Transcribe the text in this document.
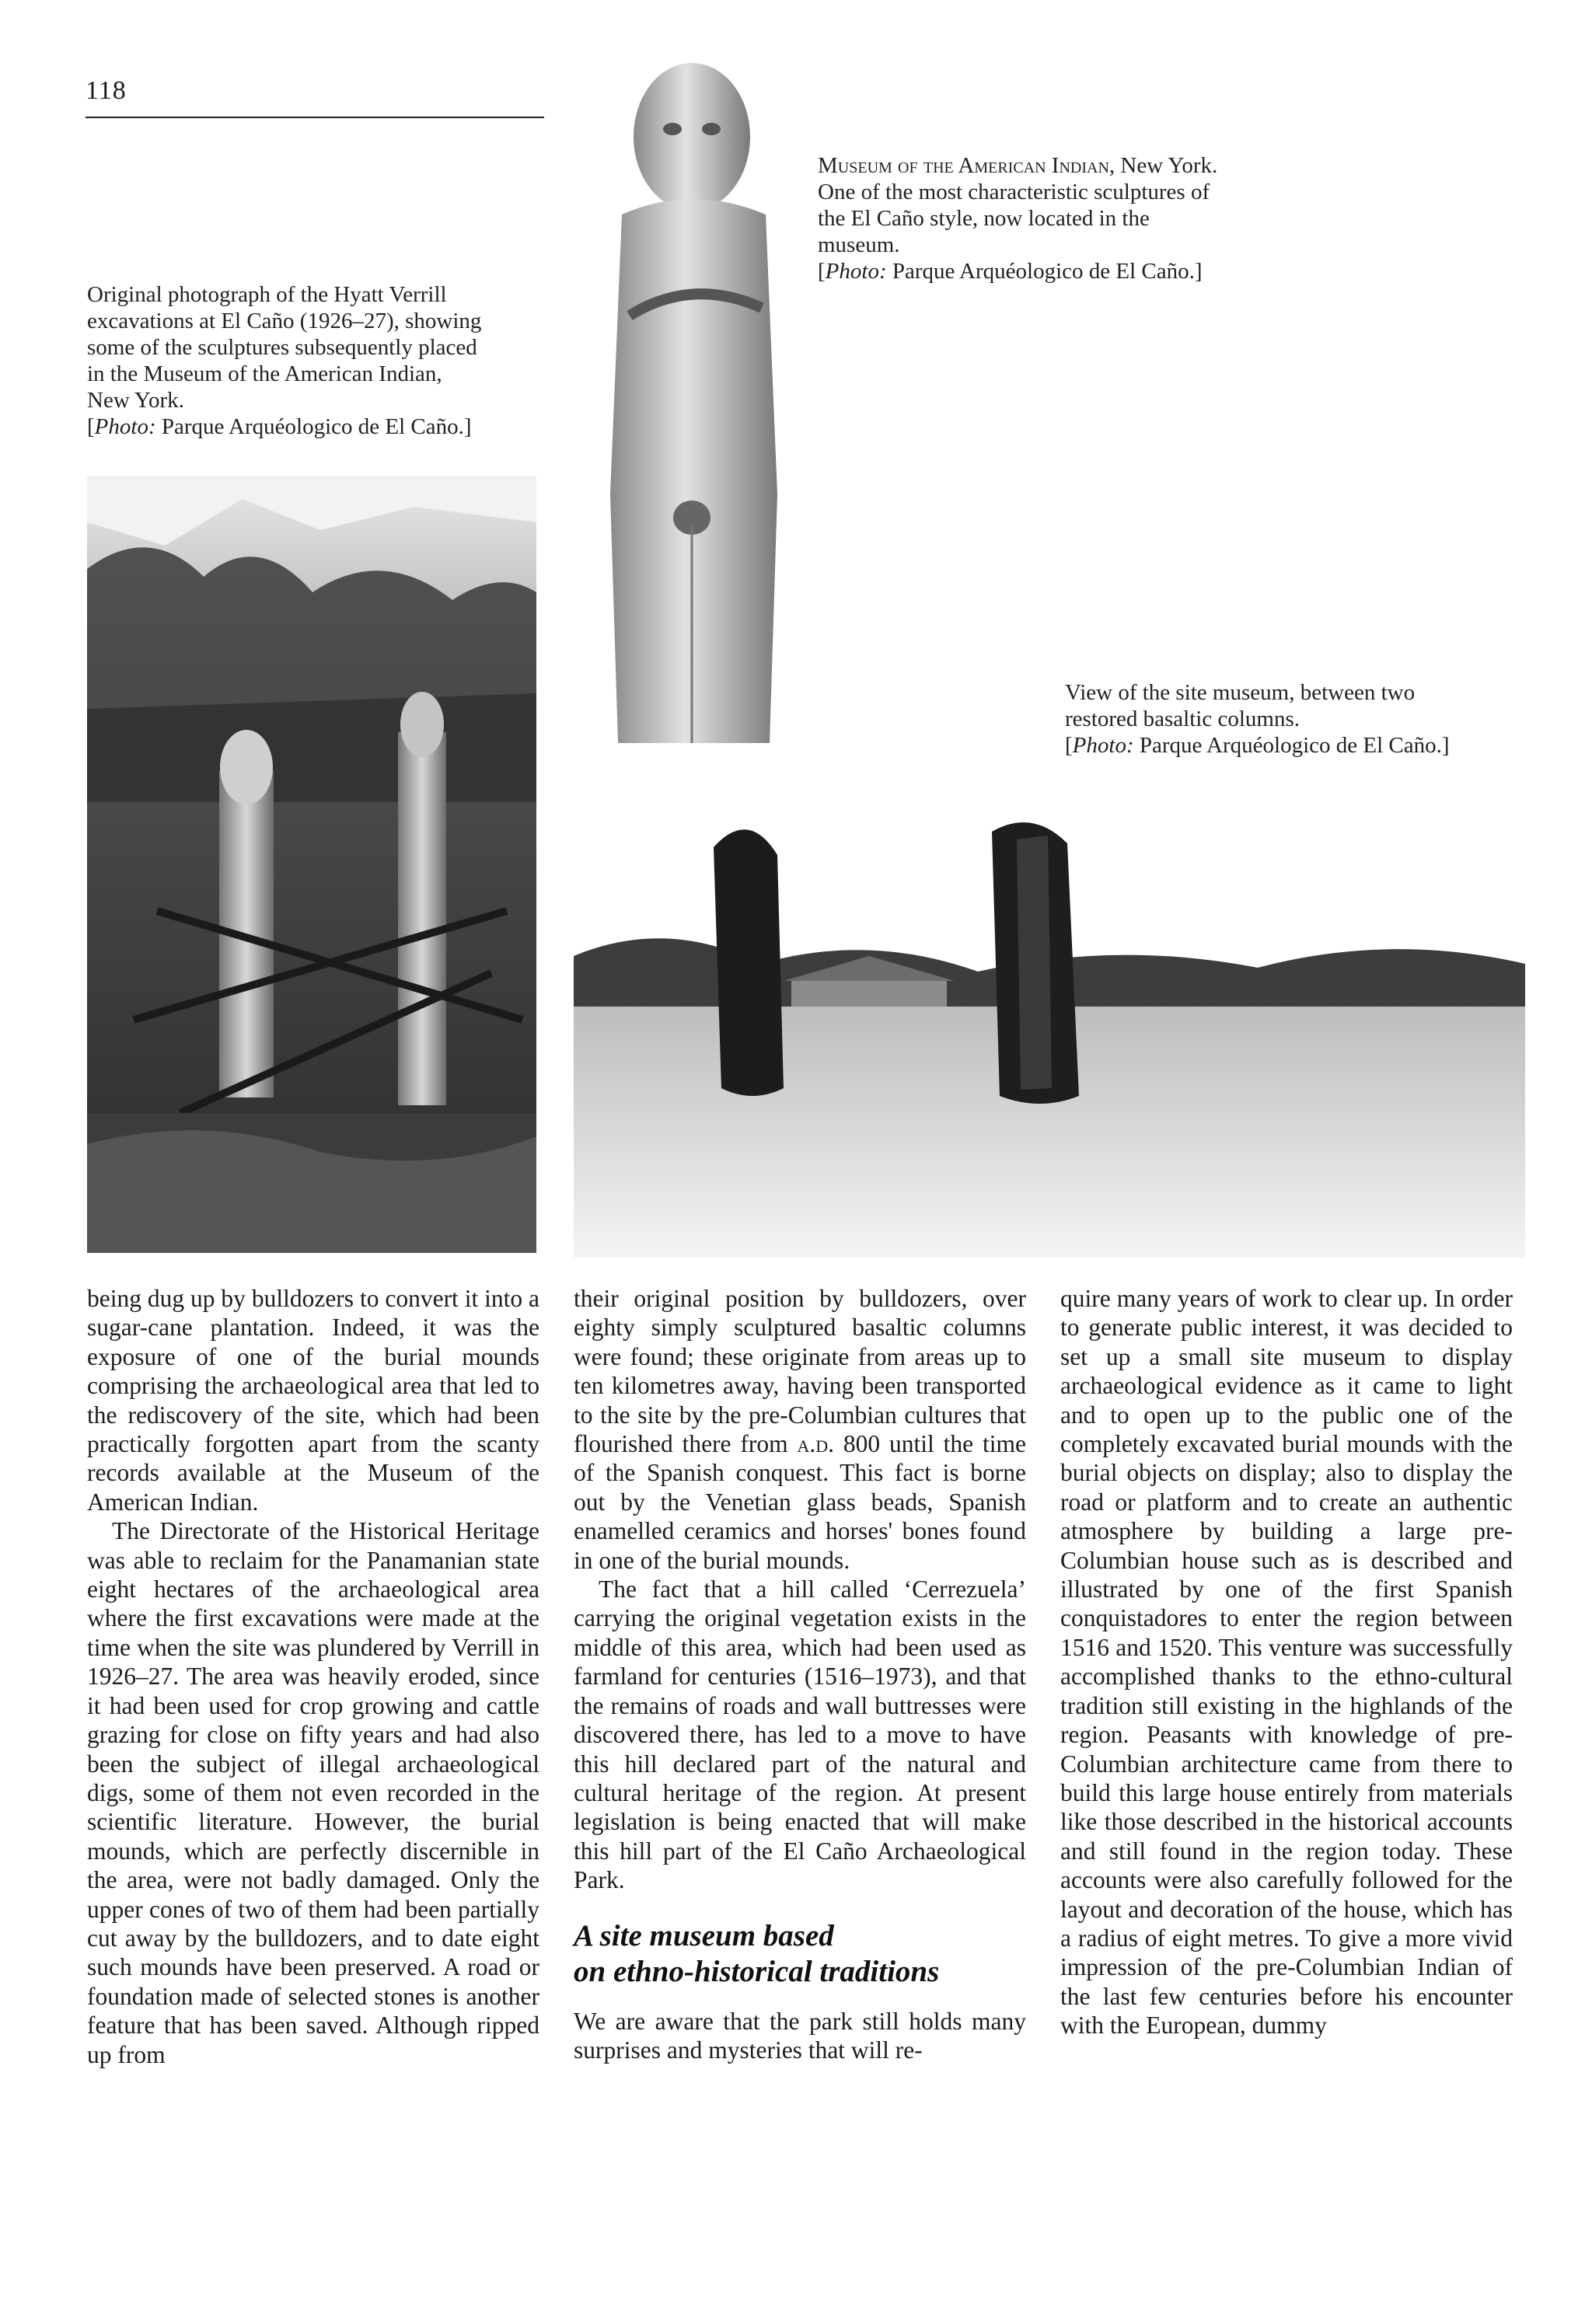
118
Original photograph of the Hyatt Verrill
excavations at El Caño (1926–27), showing
some of the sculptures subsequently placed
in the Museum of the American Indian,
New York.
[Photo: Parque Arquéologico de El Caño.]
Museum of the American Indian, New York.
One of the most characteristic sculptures of
the El Caño style, now located in the
museum.
[Photo: Parque Arquéologico de El Caño.]
View of the site museum, between two
restored basaltic columns.
[Photo: Parque Arquéologico de El Caño.]

being dug up by bulldozers to convert it into a sugar-cane plantation. Indeed, it was the exposure of one of the burial mounds comprising the archaeological area that led to the rediscovery of the site, which had been practically forgotten apart from the scanty records available at the Museum of the American Indian.

The Directorate of the Historical Heritage was able to reclaim for the Panamanian state eight hectares of the archaeological area where the first excavations were made at the time when the site was plundered by Verrill in 1926–27. The area was heavily eroded, since it had been used for crop growing and cattle grazing for close on fifty years and had also been the subject of illegal archaeological digs, some of them not even recorded in the scientific literature. However, the burial mounds, which are perfectly discernible in the area, were not badly damaged. Only the upper cones of two of them had been partially cut away by the bulldozers, and to date eight such mounds have been preserved. A road or foundation made of selected stones is another feature that has been saved. Although ripped up from

their original position by bulldozers, over eighty simply sculptured basaltic columns were found; these originate from areas up to ten kilometres away, having been transported to the site by the pre-Columbian cultures that flourished there from a.d. 800 until the time of the Spanish conquest. This fact is borne out by the Venetian glass beads, Spanish enamelled ceramics and horses' bones found in one of the burial mounds.

The fact that a hill called ‘Cerrezuela’ carrying the original vegetation exists in the middle of this area, which had been used as farmland for centuries (1516–1973), and that the remains of roads and wall buttresses were discovered there, has led to a move to have this hill declared part of the natural and cultural heritage of the region. At present legislation is being enacted that will make this hill part of the El Caño Archaeological Park.

A site museum based
on ethno-historical traditions

We are aware that the park still holds many surprises and mysteries that will re-

quire many years of work to clear up. In order to generate public interest, it was decided to set up a small site museum to display archaeological evidence as it came to light and to open up to the public one of the completely excavated burial mounds with the burial objects on display; also to display the road or platform and to create an authentic atmosphere by building a large pre-Columbian house such as is described and illustrated by one of the first Spanish conquistadores to enter the region between 1516 and 1520. This venture was successfully accomplished thanks to the ethno-cultural tradition still existing in the highlands of the region. Peasants with knowledge of pre-Columbian architecture came from there to build this large house entirely from materials like those described in the historical accounts and still found in the region today. These accounts were also carefully followed for the layout and decoration of the house, which has a radius of eight metres. To give a more vivid impression of the pre-Columbian Indian of the last few centuries before his encounter with the European, dummy
